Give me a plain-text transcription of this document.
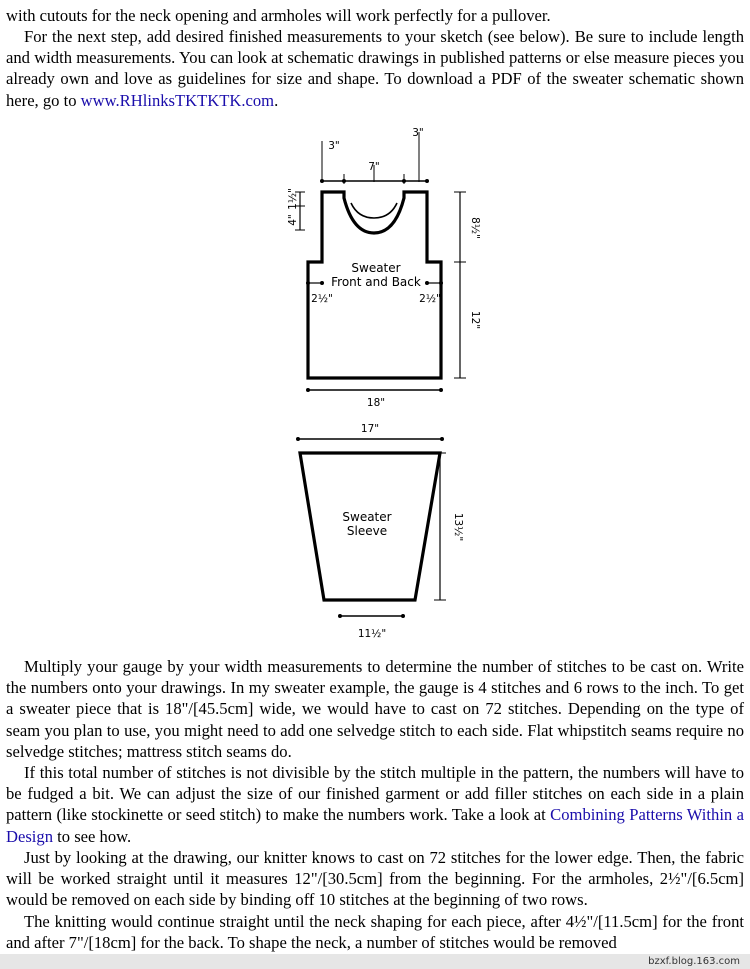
with cutouts for the neck opening and armholes will work perfectly for a pullover.

For the next step, add desired finished measurements to your sketch (see below). Be sure to include length and width measurements. You can look at schematic drawings in published patterns or else measure pieces you already own and love as guidelines for size and shape. To download a PDF of the sweater schematic shown here, go to www.RHlinksTKTKTK.com.

3"
3"
7"
Sweater
Front and Back
2½"	2½"
18"
17"
Sweater
Sleeve
11½"
1½"
4"	8½"
12"
13½"

Multiply your gauge by your width measurements to determine the number of stitches to be cast on. Write the numbers onto your drawings. In my sweater example, the gauge is 4 stitches and 6 rows to the inch. To get a sweater piece that is 18"/[45.5cm] wide, we would have to cast on 72 stitches. Depending on the type of seam you plan to use, you might need to add one selvedge stitch to each side. Flat whipstitch seams require no selvedge stitches; mattress stitch seams do.

If this total number of stitches is not divisible by the stitch multiple in the pattern, the numbers will have to be fudged a bit. We can adjust the size of our finished garment or add filler stitches on each side in a plain pattern (like stockinette or seed stitch) to make the numbers work. Take a look at Combining Patterns Within a Design to see how.

Just by looking at the drawing, our knitter knows to cast on 72 stitches for the lower edge. Then, the fabric will be worked straight until it measures 12"/[30.5cm] from the beginning. For the armholes, 2½"/[6.5cm] would be removed on each side by binding off 10 stitches at the beginning of two rows.

The knitting would continue straight until the neck shaping for each piece, after 4½"/[11.5cm] for the front and after 7"/[18cm] for the back. To shape the neck, a number of stitches would be removed

bzxf.blog.163.com
